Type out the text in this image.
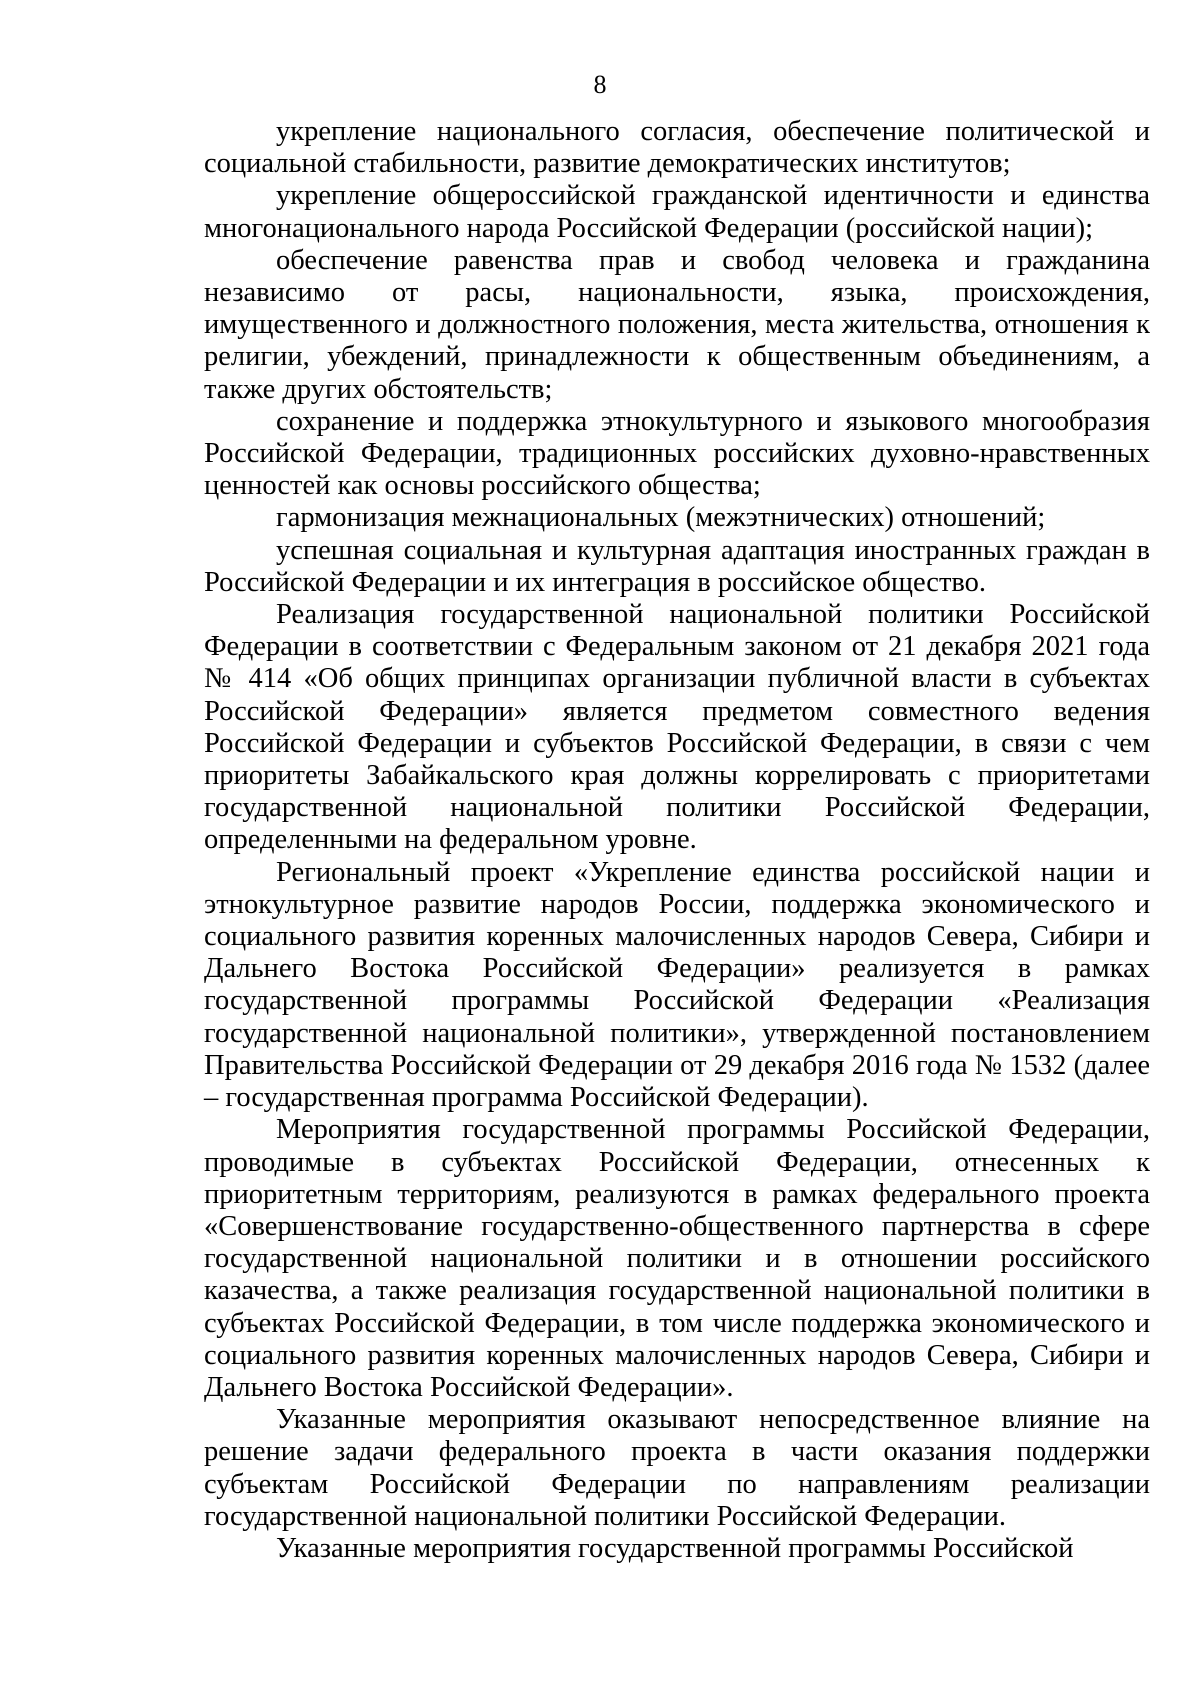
8

укрепление национального согласия, обеспечение политической и социальной стабильности, развитие демократических институтов;

укрепление общероссийской гражданской идентичности и единства многонационального народа Российской Федерации (российской нации);

обеспечение равенства прав и свобод человека и гражданина независимо от расы, национальности, языка, происхождения, имущественного и должностного положения, места жительства, отношения к религии, убеждений, принадлежности к общественным объединениям, а также других обстоятельств;

сохранение и поддержка этнокультурного и языкового многообразия Российской Федерации, традиционных российских духовно-нравственных ценностей как основы российского общества;

гармонизация межнациональных (межэтнических) отношений;

успешная социальная и культурная адаптация иностранных граждан в Российской Федерации и их интеграция в российское общество.

Реализация государственной национальной политики Российской Федерации в соответствии с Федеральным законом от 21 декабря 2021 года № 414 «Об общих принципах организации публичной власти в субъектах Российской Федерации» является предметом совместного ведения Российской Федерации и субъектов Российской Федерации, в связи с чем приоритеты Забайкальского края должны коррелировать с приоритетами государственной национальной политики Российской Федерации, определенными на федеральном уровне.

Региональный проект «Укрепление единства российской нации и этнокультурное развитие народов России, поддержка экономического и социального развития коренных малочисленных народов Севера, Сибири и Дальнего Востока Российской Федерации» реализуется в рамках государственной программы Российской Федерации «Реализация государственной национальной политики», утвержденной постановлением Правительства Российской Федерации от 29 декабря 2016 года № 1532 (далее – государственная программа Российской Федерации).

Мероприятия государственной программы Российской Федерации, проводимые в субъектах Российской Федерации, отнесенных к приоритетным территориям, реализуются в рамках федерального проекта «Совершенствование государственно-общественного партнерства в сфере государственной национальной политики и в отношении российского казачества, а также реализация государственной национальной политики в субъектах Российской Федерации, в том числе поддержка экономического и социального развития коренных малочисленных народов Севера, Сибири и Дальнего Востока Российской Федерации».

Указанные мероприятия оказывают непосредственное влияние на решение задачи федерального проекта в части оказания поддержки субъектам Российской Федерации по направлениям реализации государственной национальной политики Российской Федерации.

Указанные мероприятия государственной программы Российской
